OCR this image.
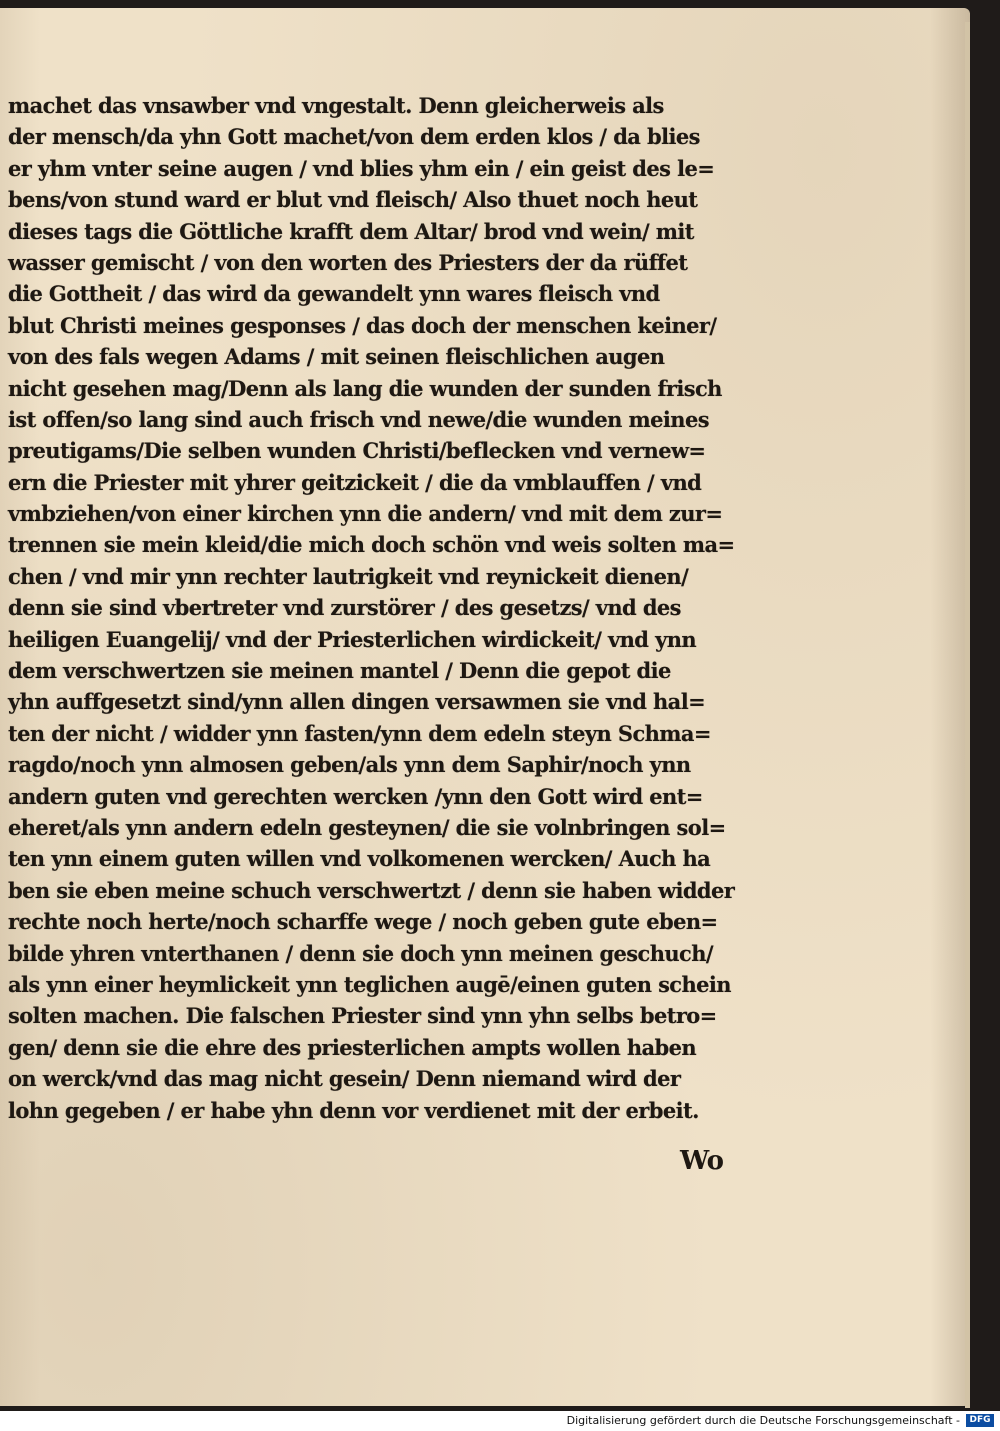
machet das vnsawber vnd vngestalt. Denn gleicherweis als
der mensch/da yhn Gott machet/von dem erden klos / da blies
er yhm vnter seine augen / vnd blies yhm ein / ein geist des le=
bens/von stund ward er blut vnd fleisch/ Also thuet noch heut
dieses tags die Göttliche krafft dem Altar/ brod vnd wein/ mit
wasser gemischt / von den worten des Priesters der da rüffet
die Gottheit / das wird da gewandelt ynn wares fleisch vnd
blut Christi meines gesponses / das doch der menschen keiner/
von des fals wegen Adams / mit seinen fleischlichen augen
nicht gesehen mag/Denn als lang die wunden der sunden frisch
ist offen/so lang sind auch frisch vnd newe/die wunden meines
preutigams/Die selben wunden Christi/beflecken vnd vernew=
ern die Priester mit yhrer geitzickeit / die da vmblauffen / vnd
vmbziehen/von einer kirchen ynn die andern/ vnd mit dem zur=
trennen sie mein kleid/die mich doch schön vnd weis solten ma=
chen / vnd mir ynn rechter lautrigkeit vnd reynickeit dienen/
denn sie sind vbertreter vnd zurstörer / des gesetzs/ vnd des
heiligen Euangelij/ vnd der Priesterlichen wirdickeit/ vnd ynn
dem verschwertzen sie meinen mantel / Denn die gepot die
yhn auffgesetzt sind/ynn allen dingen versawmen sie vnd hal=
ten der nicht / widder ynn fasten/ynn dem edeln steyn Schma=
ragdo/noch ynn almosen geben/als ynn dem Saphir/noch ynn
andern guten vnd gerechten wercken /ynn den Gott wird ent=
eheret/als ynn andern edeln gesteynen/ die sie volnbringen sol=
ten ynn einem guten willen vnd volkomenen wercken/ Auch ha
ben sie eben meine schuch verschwertzt / denn sie haben widder
rechte noch herte/noch scharffe wege / noch geben gute eben=
bilde yhren vnterthanen / denn sie doch ynn meinen geschuch/
als ynn einer heymlickeit ynn teglichen augē/einen guten schein
solten machen. Die falschen Priester sind ynn yhn selbs betro=
gen/ denn sie die ehre des priesterlichen ampts wollen haben
on werck/vnd das mag nicht gesein/ Denn niemand wird der
lohn gegeben / er habe yhn denn vor verdienet mit der erbeit.
Wo
Digitalisierung gefördert durch die Deutsche Forschungsgemeinschaft -	DFG
